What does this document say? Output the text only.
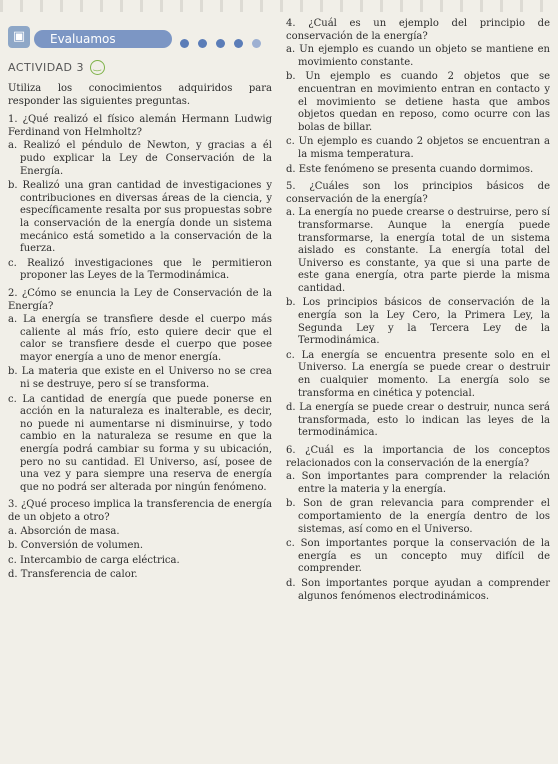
▣	Evaluamos
ACTIVIDAD 3	‿

Utiliza los conocimientos adquiridos para responder las siguientes preguntas.

1. ¿Qué realizó el físico alemán Hermann Ludwig Ferdinand von Helmholtz?

a. Realizó el péndulo de Newton, y gracias a él pudo explicar la Ley de Conservación de la Energía.

b. Realizó una gran cantidad de investigaciones y contribuciones en diversas áreas de la ciencia, y específicamente resalta por sus propuestas sobre la conservación de la energía donde un sistema mecánico está sometido a la conservación de la fuerza.

c. Realizó investigaciones que le permitieron proponer las Leyes de la Termodinámica.

2. ¿Cómo se enuncia la Ley de Conservación de la Energía?

a. La energía se transfiere desde el cuerpo más caliente al más frío, esto quiere decir que el calor se transfiere desde el cuerpo que posee mayor energía a uno de menor energía.

b. La materia que existe en el Universo no se crea ni se destruye, pero sí se transforma.

c. La cantidad de energía que puede ponerse en acción en la naturaleza es inalterable, es decir, no puede ni aumentarse ni disminuirse, y todo cambio en la naturaleza se resume en que la energía podrá cambiar su forma y su ubicación, pero no su cantidad. El Universo, así, posee de una vez y para siempre una reserva de energía que no podrá ser alterada por ningún fenómeno.

3. ¿Qué proceso implica la transferencia de energía de un objeto a otro?

a. Absorción de masa.

b. Conversión de volumen.

c. Intercambio de carga eléctrica.

d. Transferencia de calor.

4. ¿Cuál es un ejemplo del principio de conservación de la energía?

a. Un ejemplo es cuando un objeto se mantiene en movimiento constante.

b. Un ejemplo es cuando 2 objetos que se encuentran en movimiento entran en contacto y el movimiento se detiene hasta que ambos objetos quedan en reposo, como ocurre con las bolas de billar.

c. Un ejemplo es cuando 2 objetos se encuentran a la misma temperatura.

d. Este fenómeno se presenta cuando dormimos.

5. ¿Cuáles son los principios básicos de conservación de la energía?

a. La energía no puede crearse o destruirse, pero sí transformarse. Aunque la energía puede transformarse, la energía total de un sistema aislado es constante. La energía total del Universo es constante, ya que si una parte de este gana energía, otra parte pierde la misma cantidad.

b. Los principios básicos de conservación de la energía son la Ley Cero, la Primera Ley, la Segunda Ley y la Tercera Ley de la Termodinámica.

c. La energía se encuentra presente solo en el Universo. La energía se puede crear o destruir en cualquier momento. La energía solo se transforma en cinética y potencial.

d. La energía se puede crear o destruir, nunca será transformada, esto lo indican las leyes de la termodinámica.

6. ¿Cuál es la importancia de los conceptos relacionados con la conservación de la energía?

a. Son importantes para comprender la relación entre la materia y la energía.

b. Son de gran relevancia para comprender el comportamiento de la energía dentro de los sistemas, así como en el Universo.

c. Son importantes porque la conservación de la energía es un concepto muy difícil de comprender.

d. Son importantes porque ayudan a comprender algunos fenómenos electrodinámicos.
